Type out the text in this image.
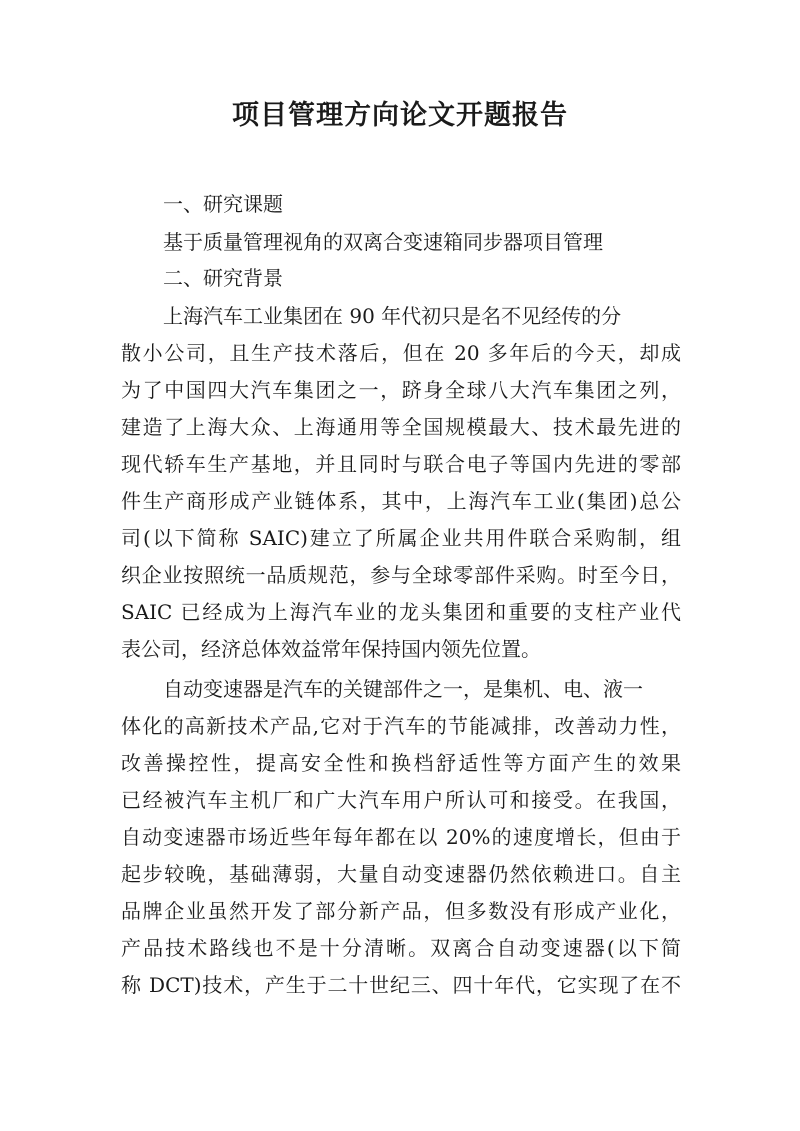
项目管理方向论文开题报告

一、研究课题

基于质量管理视角的双离合变速箱同步器项目管理

二、研究背景

上海汽车工业集团在 90 年代初只是名不见经传的分

散小公司，且生产技术落后，但在 20 多年后的今天，却成

为了中国四大汽车集团之一，跻身全球八大汽车集团之列，

建造了上海大众、上海通用等全国规模最大、技术最先进的

现代轿车生产基地，并且同时与联合电子等国内先进的零部

件生产商形成产业链体系，其中，上海汽车工业(集团)总公

司(以下简称 SAIC)建立了所属企业共用件联合采购制，组

织企业按照统一品质规范，参与全球零部件采购。时至今日，

SAIC 已经成为上海汽车业的龙头集团和重要的支柱产业代

表公司，经济总体效益常年保持国内领先位置。

自动变速器是汽车的关键部件之一，是集机、电、液一

体化的高新技术产品,它对于汽车的节能减排，改善动力性，

改善操控性，提高安全性和换档舒适性等方面产生的效果

已经被汽车主机厂和广大汽车用户所认可和接受。在我国，

自动变速器市场近些年每年都在以 20%的速度增长，但由于

起步较晚，基础薄弱，大量自动变速器仍然依赖进口。自主

品牌企业虽然开发了部分新产品，但多数没有形成产业化，

产品技术路线也不是十分清晰。双离合自动变速器(以下简

称 DCT)技术，产生于二十世纪三、四十年代，它实现了在不
